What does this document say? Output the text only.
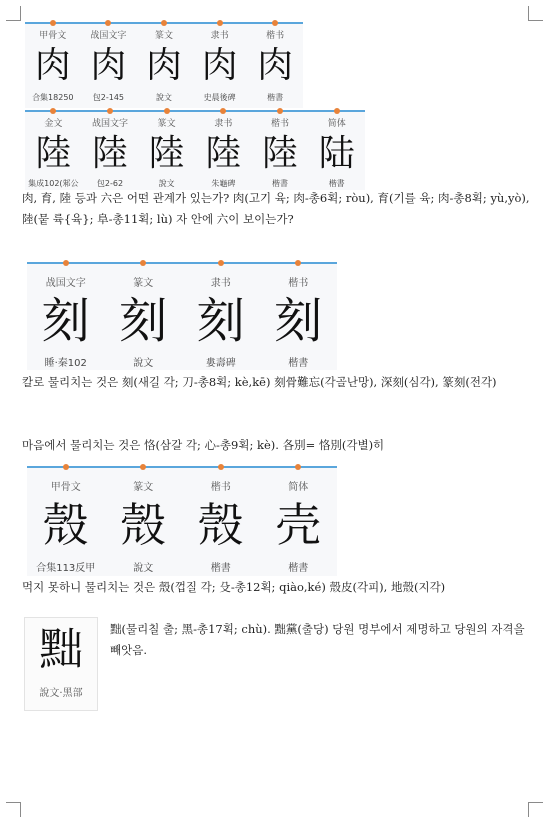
甲骨文
肉
合集18250
战国文字
肉
包2-145
篆文
肉
說文
隶书
肉
史晨後碑
楷书
肉
楷書
金文
陸
集成102(邾公
战国文字
陸
包2-62
篆文
陸
說文
隶书
陸
朱龜碑
楷书
陸
楷書
简体
陆
楷書
肉, 育, 陸 등과 六은 어떤 관계가 있는가? 肉(고기 육; 肉-총6획; ròu), 育(기를 육; 肉-총8획; yù,yò), 陸(뭍 륙{육}; 阜-총11획; lù) 자 안에 六이 보이는가?
战国文字
刻
睡·秦102
篆文
刻
說文
隶书
刻
婁壽碑
楷书
刻
楷書
칼로 물리치는 것은 刻(새길 각; 刀-총8획; kè,kē) 刻骨難忘(각골난망), 深刻(심각), 篆刻(전각)
마음에서 물리치는 것은 恪(삼갈 각; 心-총9획; kè). 各別= 恪別(각별)히
甲骨文
殼
合集113反甲
篆文
殼
說文
楷书
殼
楷書
简体
壳
楷書
먹지 못하니 물리치는 것은 殼(껍질 각; 殳-총12획; qiào,ké) 殼皮(각피), 地殼(지각)
黜
說文·黑部
黜(물리칠 출; 黑-총17획; chù). 黜黨(출당) 당원 명부에서 제명하고 당원의 자격을 빼앗음.
